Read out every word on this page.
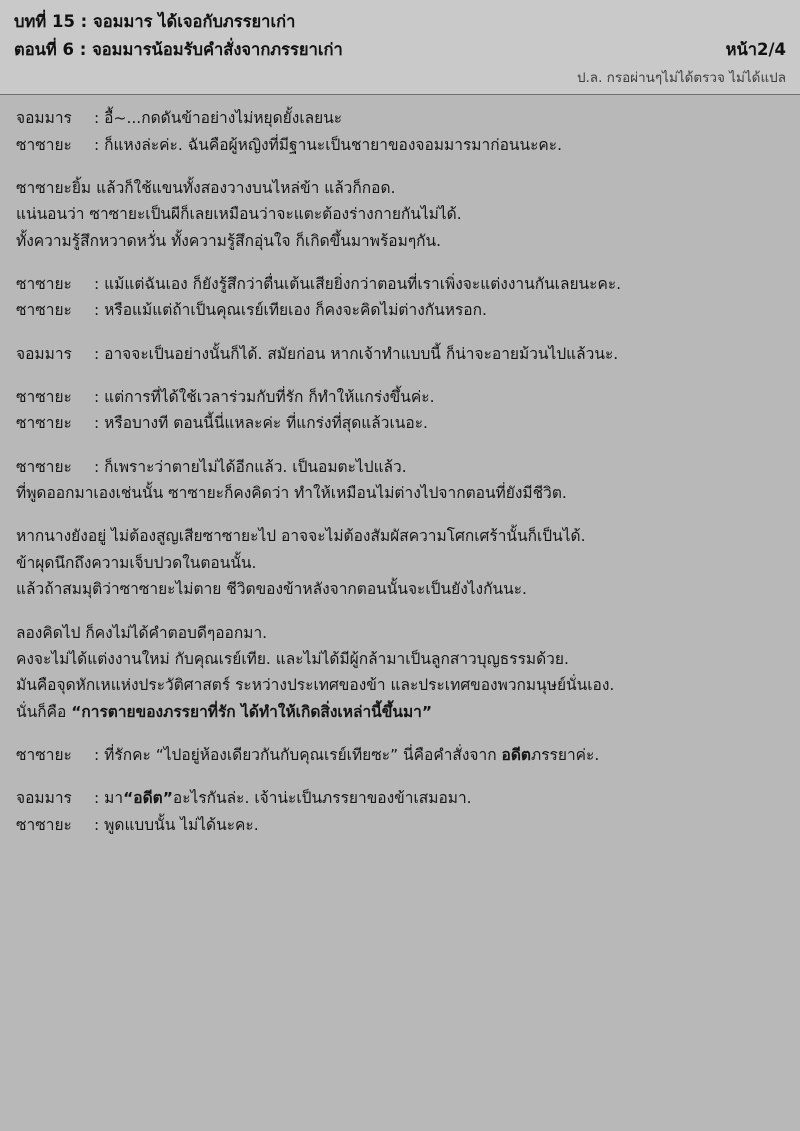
บทที่ 15 : จอมมาร ได้เจอกับภรรยาเก่า
ตอนที่ 6 : จอมมารน้อมรับคำสั่งจากภรรยาเก่า	หน้า2/4
ป.ล. กรอผ่านๆไม่ได้ตรวจ ไม่ได้แปล
จอมมาร : อื้~...กดดันข้าอย่างไม่หยุดยั้งเลยนะ
ซาซายะ : ก็แหงล่ะค่ะ. ฉันคือผู้หญิงที่มีฐานะเป็นชายาของจอมมารมาก่อนนะคะ.
ซาซายะยิ้ม แล้วก็ใช้แขนทั้งสองวางบนไหล่ข้า แล้วก็กอด.
แน่นอนว่า ซาซายะเป็นผีก็เลยเหมือนว่าจะแตะต้องร่างกายกันไม่ได้.
ทั้งความรู้สึกหวาดหวั่น ทั้งความรู้สึกอุ่นใจ ก็เกิดขึ้นมาพร้อมๆกัน.
ซาซายะ : แม้แต่ฉันเอง ก็ยังรู้สึกว่าตื่นเต้นเสียยิ่งกว่าตอนที่เราเพิ่งจะแต่งงานกันเลยนะคะ.
ซาซายะ : หรือแม้แต่ถ้าเป็นคุณเรย์เทียเอง ก็คงจะคิดไม่ต่างกันหรอก.
จอมมาร : อาจจะเป็นอย่างนั้นก็ได้. สมัยก่อน หากเจ้าทำแบบนี้ ก็น่าจะอายม้วนไปแล้วนะ.
ซาซายะ : แต่การที่ได้ใช้เวลาร่วมกับที่รัก ก็ทำให้แกร่งขึ้นค่ะ.
ซาซายะ : หรือบางที ตอนนี้นี่แหละค่ะ ที่แกร่งที่สุดแล้วเนอะ.
ซาซายะ : ก็เพราะว่าตายไม่ได้อีกแล้ว. เป็นอมตะไปแล้ว.
ที่พูดออกมาเองเช่นนั้น ซาซายะก็คงคิดว่า ทำให้เหมือนไม่ต่างไปจากตอนที่ยังมีชีวิต.
หากนางยังอยู่ ไม่ต้องสูญเสียซาซายะไป อาจจะไม่ต้องสัมผัสความโศกเศร้านั้นก็เป็นได้.
ข้าผุดนึกถึงความเจ็บปวดในตอนนั้น.
แล้วถ้าสมมุติว่าซาซายะไม่ตาย ชีวิตของข้าหลังจากตอนนั้นจะเป็นยังไงกันนะ.
ลองคิดไป ก็คงไม่ได้คำตอบดีๆออกมา.
คงจะไม่ได้แต่งงานใหม่ กับคุณเรย์เทีย. และไม่ได้มีผู้กล้ามาเป็นลูกสาวบุญธรรมด้วย.
มันคือจุดหักเหแห่งประวัติศาสตร์ ระหว่างประเทศของข้า และประเทศของพวกมนุษย์นั่นเอง.
นั่นก็คือ “การตายของภรรยาที่รัก ได้ทำให้เกิดสิ่งเหล่านี้ขึ้นมา”
ซาซายะ : ที่รักคะ “ไปอยู่ห้องเดียวกันกับคุณเรย์เทียซะ” นี่คือคำสั่งจาก อดีตภรรยาค่ะ.
จอมมาร : มา“อดีต”อะไรกันล่ะ. เจ้าน่ะเป็นภรรยาของข้าเสมอมา.
ซาซายะ : พูดแบบนั้น ไม่ได้นะคะ.
